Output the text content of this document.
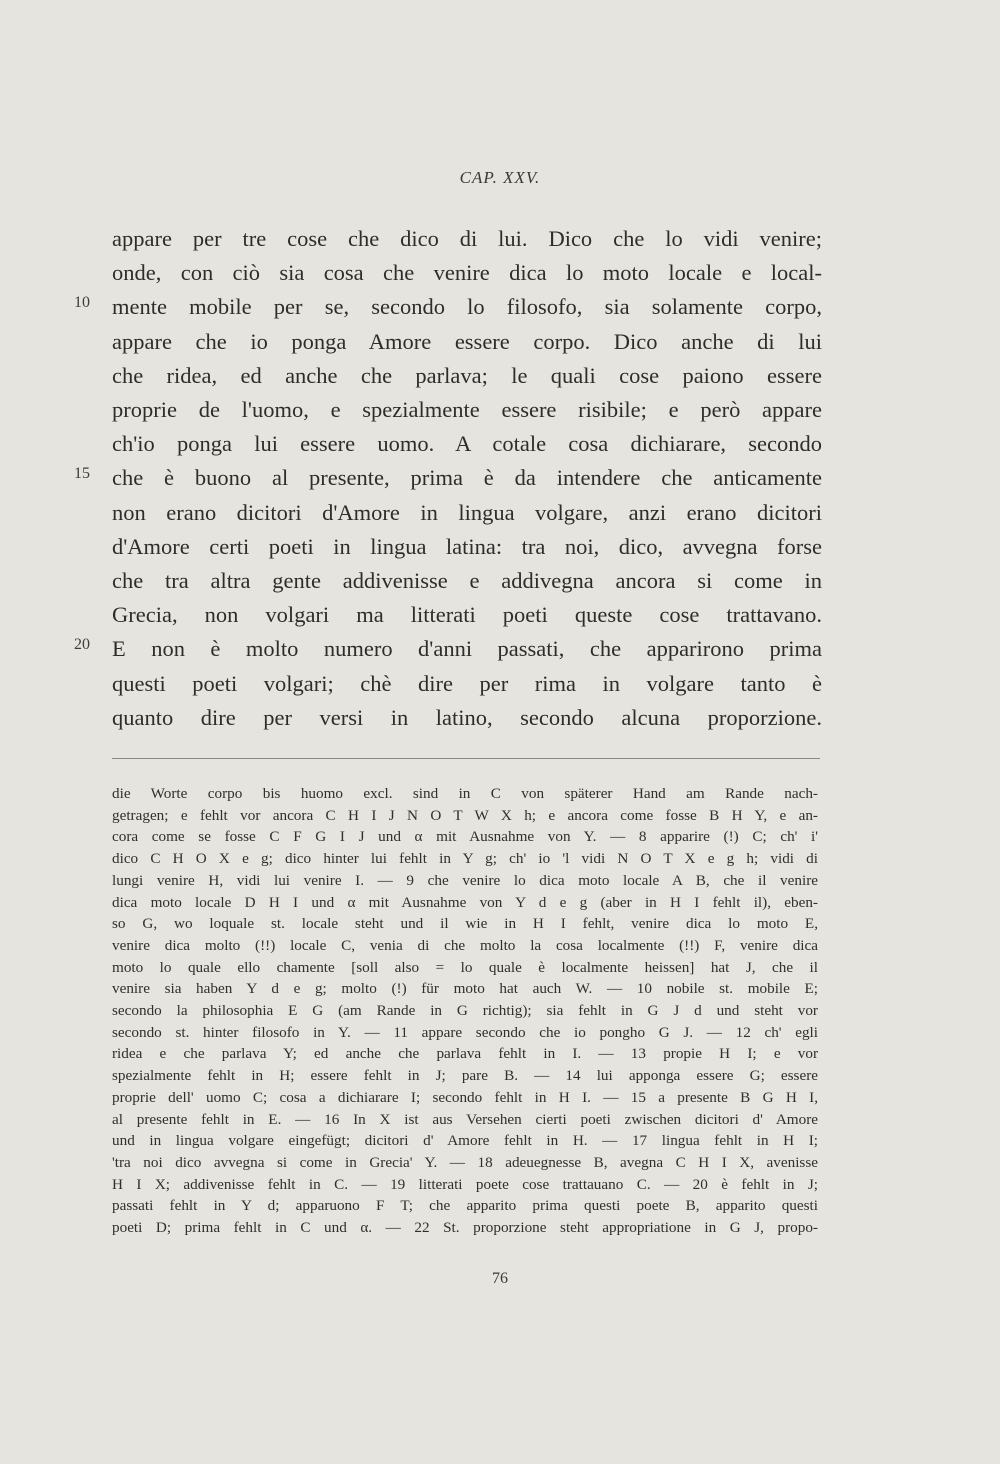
CAP. XXV.
appare per tre cose che dico di lui. Dico che lo vidi venire;
onde, con ciò sia cosa che venire dica lo moto locale e local-
mente mobile per se, secondo lo filosofo, sia solamente corpo,
appare che io ponga Amore essere corpo. Dico anche di lui
che ridea, ed anche che parlava; le quali cose paiono essere
proprie de l'uomo, e spezialmente essere risibile; e però appare
ch'io ponga lui essere uomo. A cotale cosa dichiarare, secondo
che è buono al presente, prima è da intendere che anticamente
non erano dicitori d'Amore in lingua volgare, anzi erano dicitori
d'Amore certi poeti in lingua latina: tra noi, dico, avvegna forse
che tra altra gente addivenisse e addivegna ancora si come in
Grecia, non volgari ma litterati poeti queste cose trattavano.
E non è molto numero d'anni passati, che apparirono prima
questi poeti volgari; chè dire per rima in volgare tanto è
quanto dire per versi in latino, secondo alcuna proporzione.
10
15
20
die Worte corpo bis huomo excl. sind in C von späterer Hand am Rande nach-
getragen; e fehlt vor ancora C H I J N O T W X h; e ancora come fosse B H Y, e an-
cora come se fosse C F G I J und α mit Ausnahme von Y. — 8 apparire (!) C; ch' i'
dico C H O X e g; dico hinter lui fehlt in Y g; ch' io 'l vidi N O T X e g h; vidi di
lungi venire H, vidi lui venire I. — 9 che venire lo dica moto locale A B, che il venire
dica moto locale D H I und α mit Ausnahme von Y d e g (aber in H I fehlt il), eben-
so G, wo loquale st. locale steht und il wie in H I fehlt, venire dica lo moto E,
venire dica molto (!!) locale C, venia di che molto la cosa localmente (!!) F, venire dica
moto lo quale ello chamente [soll also = lo quale è localmente heissen] hat J, che il
venire sia haben Y d e g; molto (!) für moto hat auch W. — 10 nobile st. mobile E;
secondo la philosophia E G (am Rande in G richtig); sia fehlt in G J d und steht vor
secondo st. hinter filosofo in Y. — 11 appare secondo che io pongho G J. — 12 ch' egli
ridea e che parlava Y; ed anche che parlava fehlt in I. — 13 propie H I; e vor
spezialmente fehlt in H; essere fehlt in J; pare B. — 14 lui apponga essere G; essere
proprie dell' uomo C; cosa a dichiarare I; secondo fehlt in H I. — 15 a presente B G H I,
al presente fehlt in E. — 16 In X ist aus Versehen cierti poeti zwischen dicitori d' Amore
und in lingua volgare eingefügt; dicitori d' Amore fehlt in H. — 17 lingua fehlt in H I;
'tra noi dico avvegna si come in Grecia' Y. — 18 adeuegnesse B, avegna C H I X, avenisse
H I X; addivenisse fehlt in C. — 19 litterati poete cose trattauano C. — 20 è fehlt in J;
passati fehlt in Y d; apparuono F T; che apparito prima questi poete B, apparito questi
poeti D; prima fehlt in C und α. — 22 St. proporzione steht appropriatione in G J, propo-
76
